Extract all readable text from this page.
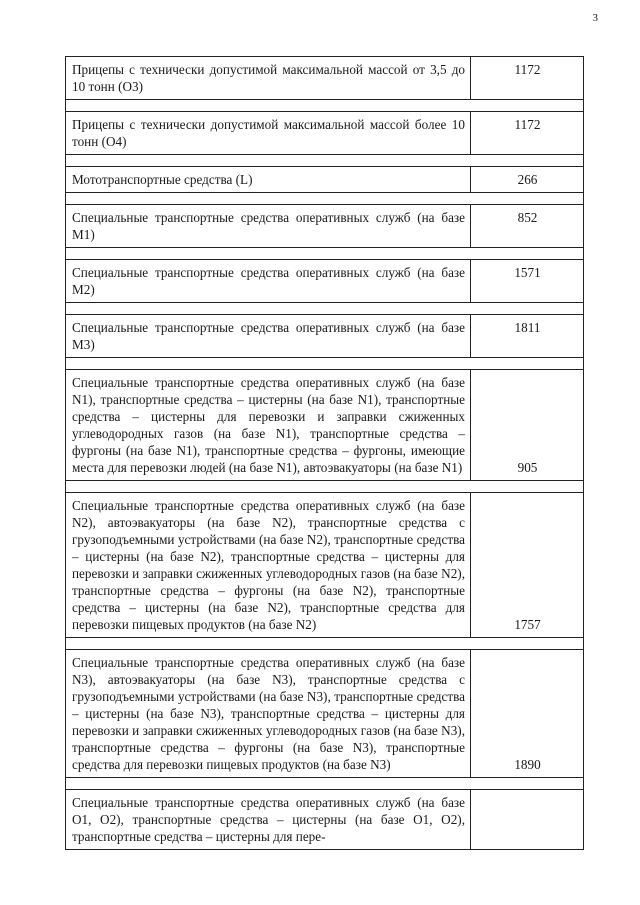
3
Прицепы с технически допустимой максимальной массой от 3,5 до 10 тонн (О3)	1172

Прицепы с технически допустимой максимальной массой более 10 тонн (О4)	1172

Мототранспортные средства (L)	266

Специальные транспортные средства оперативных служб (на базе М1)	852

Специальные транспортные средства оперативных служб (на базе М2)	1571

Специальные транспортные средства оперативных служб (на базе М3)	1811

Специальные транспортные средства оперативных служб (на базе N1), транспортные средства – цистерны (на базе N1), транспортные средства – цистерны для перевозки и заправки сжиженных углеводородных газов (на базе N1), транспортные средства – фургоны (на базе N1), транспортные средства – фургоны, имеющие места для перевозки людей (на базе N1), автоэвакуаторы (на базе N1)	905

Специальные транспортные средства оперативных служб (на базе N2), автоэвакуаторы (на базе N2), транспортные средства с грузоподъемными устройствами (на базе N2), транспортные средства – цистерны (на базе N2), транспортные средства – цистерны для перевозки и заправки сжиженных углеводородных газов (на базе N2), транспортные средства – фургоны (на базе N2), транспортные средства – цистерны (на базе N2), транспортные средства для перевозки пищевых продуктов (на базе N2)	1757

Специальные транспортные средства оперативных служб (на базе N3), автоэвакуаторы (на базе N3), транспортные средства с грузоподъемными устройствами (на базе N3), транспортные средства – цистерны (на базе N3), транспортные средства – цистерны для перевозки и заправки сжиженных углеводородных газов (на базе N3), транспортные средства – фургоны (на базе N3), транспортные средства для перевозки пищевых продуктов (на базе N3)	1890

Специальные транспортные средства оперативных служб (на базе О1, О2), транспортные средства – цистерны (на базе О1, О2), транспортные средства – цистерны для пере-	
